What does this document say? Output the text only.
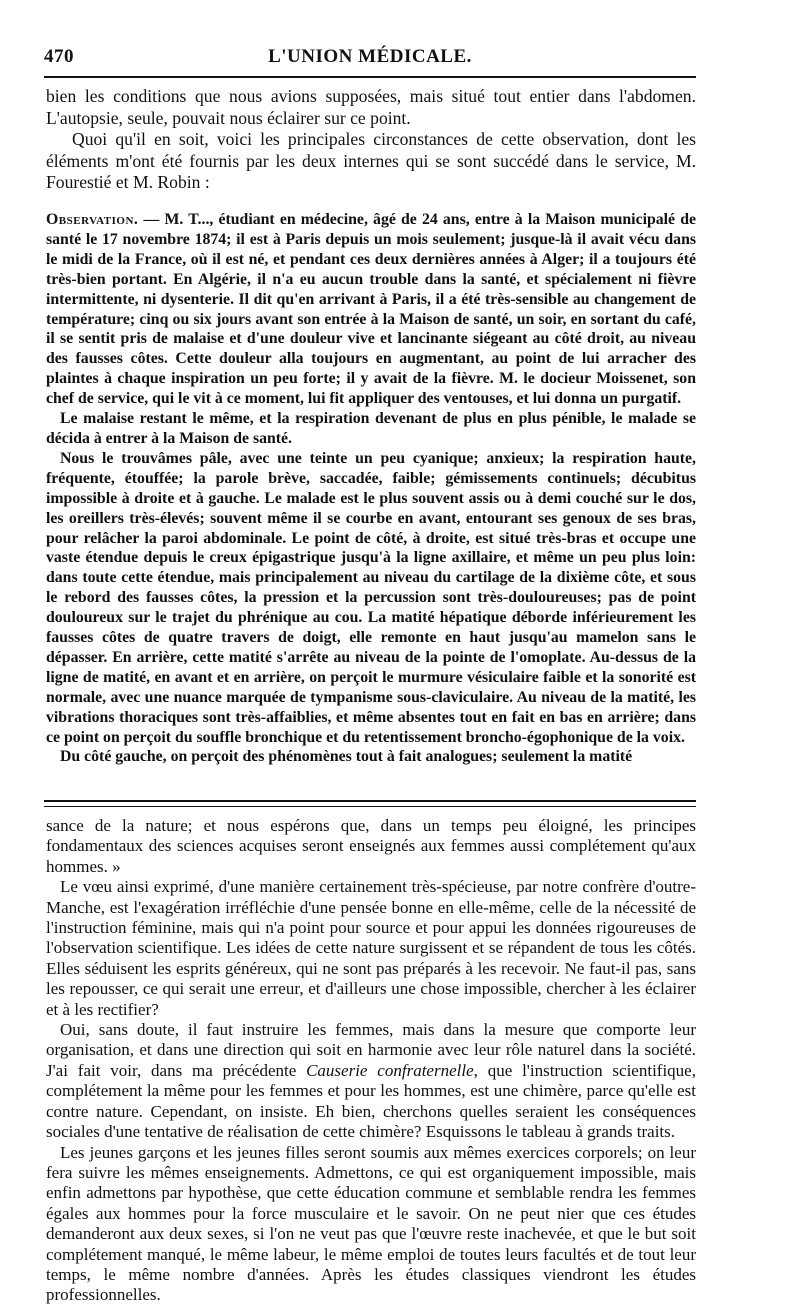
470	L'UNION MÉDICALE.

bien les conditions que nous avions supposées, mais situé tout entier dans l'abdomen. L'autopsie, seule, pouvait nous éclairer sur ce point.

Quoi qu'il en soit, voici les principales circonstances de cette observation, dont les éléments m'ont été fournis par les deux internes qui se sont succédé dans le service, M. Fourestié et M. Robin :

Observation. — M. T..., étudiant en médecine, âgé de 24 ans, entre à la Maison municipalé de santé le 17 novembre 1874; il est à Paris depuis un mois seulement; jusque-là il avait vécu dans le midi de la France, où il est né, et pendant ces deux dernières années à Alger; il a toujours été très-bien portant. En Algérie, il n'a eu aucun trouble dans la santé, et spécialement ni fièvre intermittente, ni dysenterie. Il dit qu'en arrivant à Paris, il a été très-sensible au changement de température; cinq ou six jours avant son entrée à la Maison de santé, un soir, en sortant du café, il se sentit pris de malaise et d'une douleur vive et lancinante siégeant au côté droit, au niveau des fausses côtes. Cette douleur alla toujours en augmentant, au point de lui arracher des plaintes à chaque inspiration un peu forte; il y avait de la fièvre. M. le docieur Moissenet, son chef de service, qui le vit à ce moment, lui fit appliquer des ventouses, et lui donna un purgatif.

Le malaise restant le même, et la respiration devenant de plus en plus pénible, le malade se décida à entrer à la Maison de santé.

Nous le trouvâmes pâle, avec une teinte un peu cyanique; anxieux; la respiration haute, fréquente, étouffée; la parole brève, saccadée, faible; gémissements continuels; décubitus impossible à droite et à gauche. Le malade est le plus souvent assis ou à demi couché sur le dos, les oreillers très-élevés; souvent même il se courbe en avant, entourant ses genoux de ses bras, pour relâcher la paroi abdominale. Le point de côté, à droite, est situé très-bras et occupe une vaste étendue depuis le creux épigastrique jusqu'à la ligne axillaire, et même un peu plus loin: dans toute cette étendue, mais principalement au niveau du cartilage de la dixième côte, et sous le rebord des fausses côtes, la pression et la percussion sont très-douloureuses; pas de point douloureux sur le trajet du phrénique au cou. La matité hépatique déborde inférieurement les fausses côtes de quatre travers de doigt, elle remonte en haut jusqu'au mamelon sans le dépasser. En arrière, cette matité s'arrête au niveau de la pointe de l'omoplate. Au-dessus de la ligne de matité, en avant et en arrière, on perçoit le murmure vésiculaire faible et la sonorité est normale, avec une nuance marquée de tympanisme sous-claviculaire. Au niveau de la matité, les vibrations thoraciques sont très-affaiblies, et même absentes tout en fait en bas en arrière; dans ce point on perçoit du souffle bronchique et du retentissement broncho-égophonique de la voix.

Du côté gauche, on perçoit des phénomènes tout à fait analogues; seulement la matité

sance de la nature; et nous espérons que, dans un temps peu éloigné, les principes fondamentaux des sciences acquises seront enseignés aux femmes aussi complétement qu'aux hommes. »

Le vœu ainsi exprimé, d'une manière certainement très-spécieuse, par notre confrère d'outre-Manche, est l'exagération irréfléchie d'une pensée bonne en elle-même, celle de la nécessité de l'instruction féminine, mais qui n'a point pour source et pour appui les données rigoureuses de l'observation scientifique. Les idées de cette nature surgissent et se répandent de tous les côtés. Elles séduisent les esprits généreux, qui ne sont pas préparés à les recevoir. Ne faut-il pas, sans les repousser, ce qui serait une erreur, et d'ailleurs une chose impossible, chercher à les éclairer et à les rectifier?

Oui, sans doute, il faut instruire les femmes, mais dans la mesure que comporte leur organisation, et dans une direction qui soit en harmonie avec leur rôle naturel dans la société. J'ai fait voir, dans ma précédente Causerie confraternelle, que l'instruction scientifique, complétement la même pour les femmes et pour les hommes, est une chimère, parce qu'elle est contre nature. Cependant, on insiste. Eh bien, cherchons quelles seraient les conséquences sociales d'une tentative de réalisation de cette chimère? Esquissons le tableau à grands traits.

Les jeunes garçons et les jeunes filles seront soumis aux mêmes exercices corporels; on leur fera suivre les mêmes enseignements. Admettons, ce qui est organiquement impossible, mais enfin admettons par hypothèse, que cette éducation commune et semblable rendra les femmes égales aux hommes pour la force musculaire et le savoir. On ne peut nier que ces études demanderont aux deux sexes, si l'on ne veut pas que l'œuvre reste inachevée, et que le but soit complétement manqué, le même labeur, le même emploi de toutes leurs facultés et de tout leur temps, le même nombre d'années. Après les études classiques viendront les études professionnelles.
